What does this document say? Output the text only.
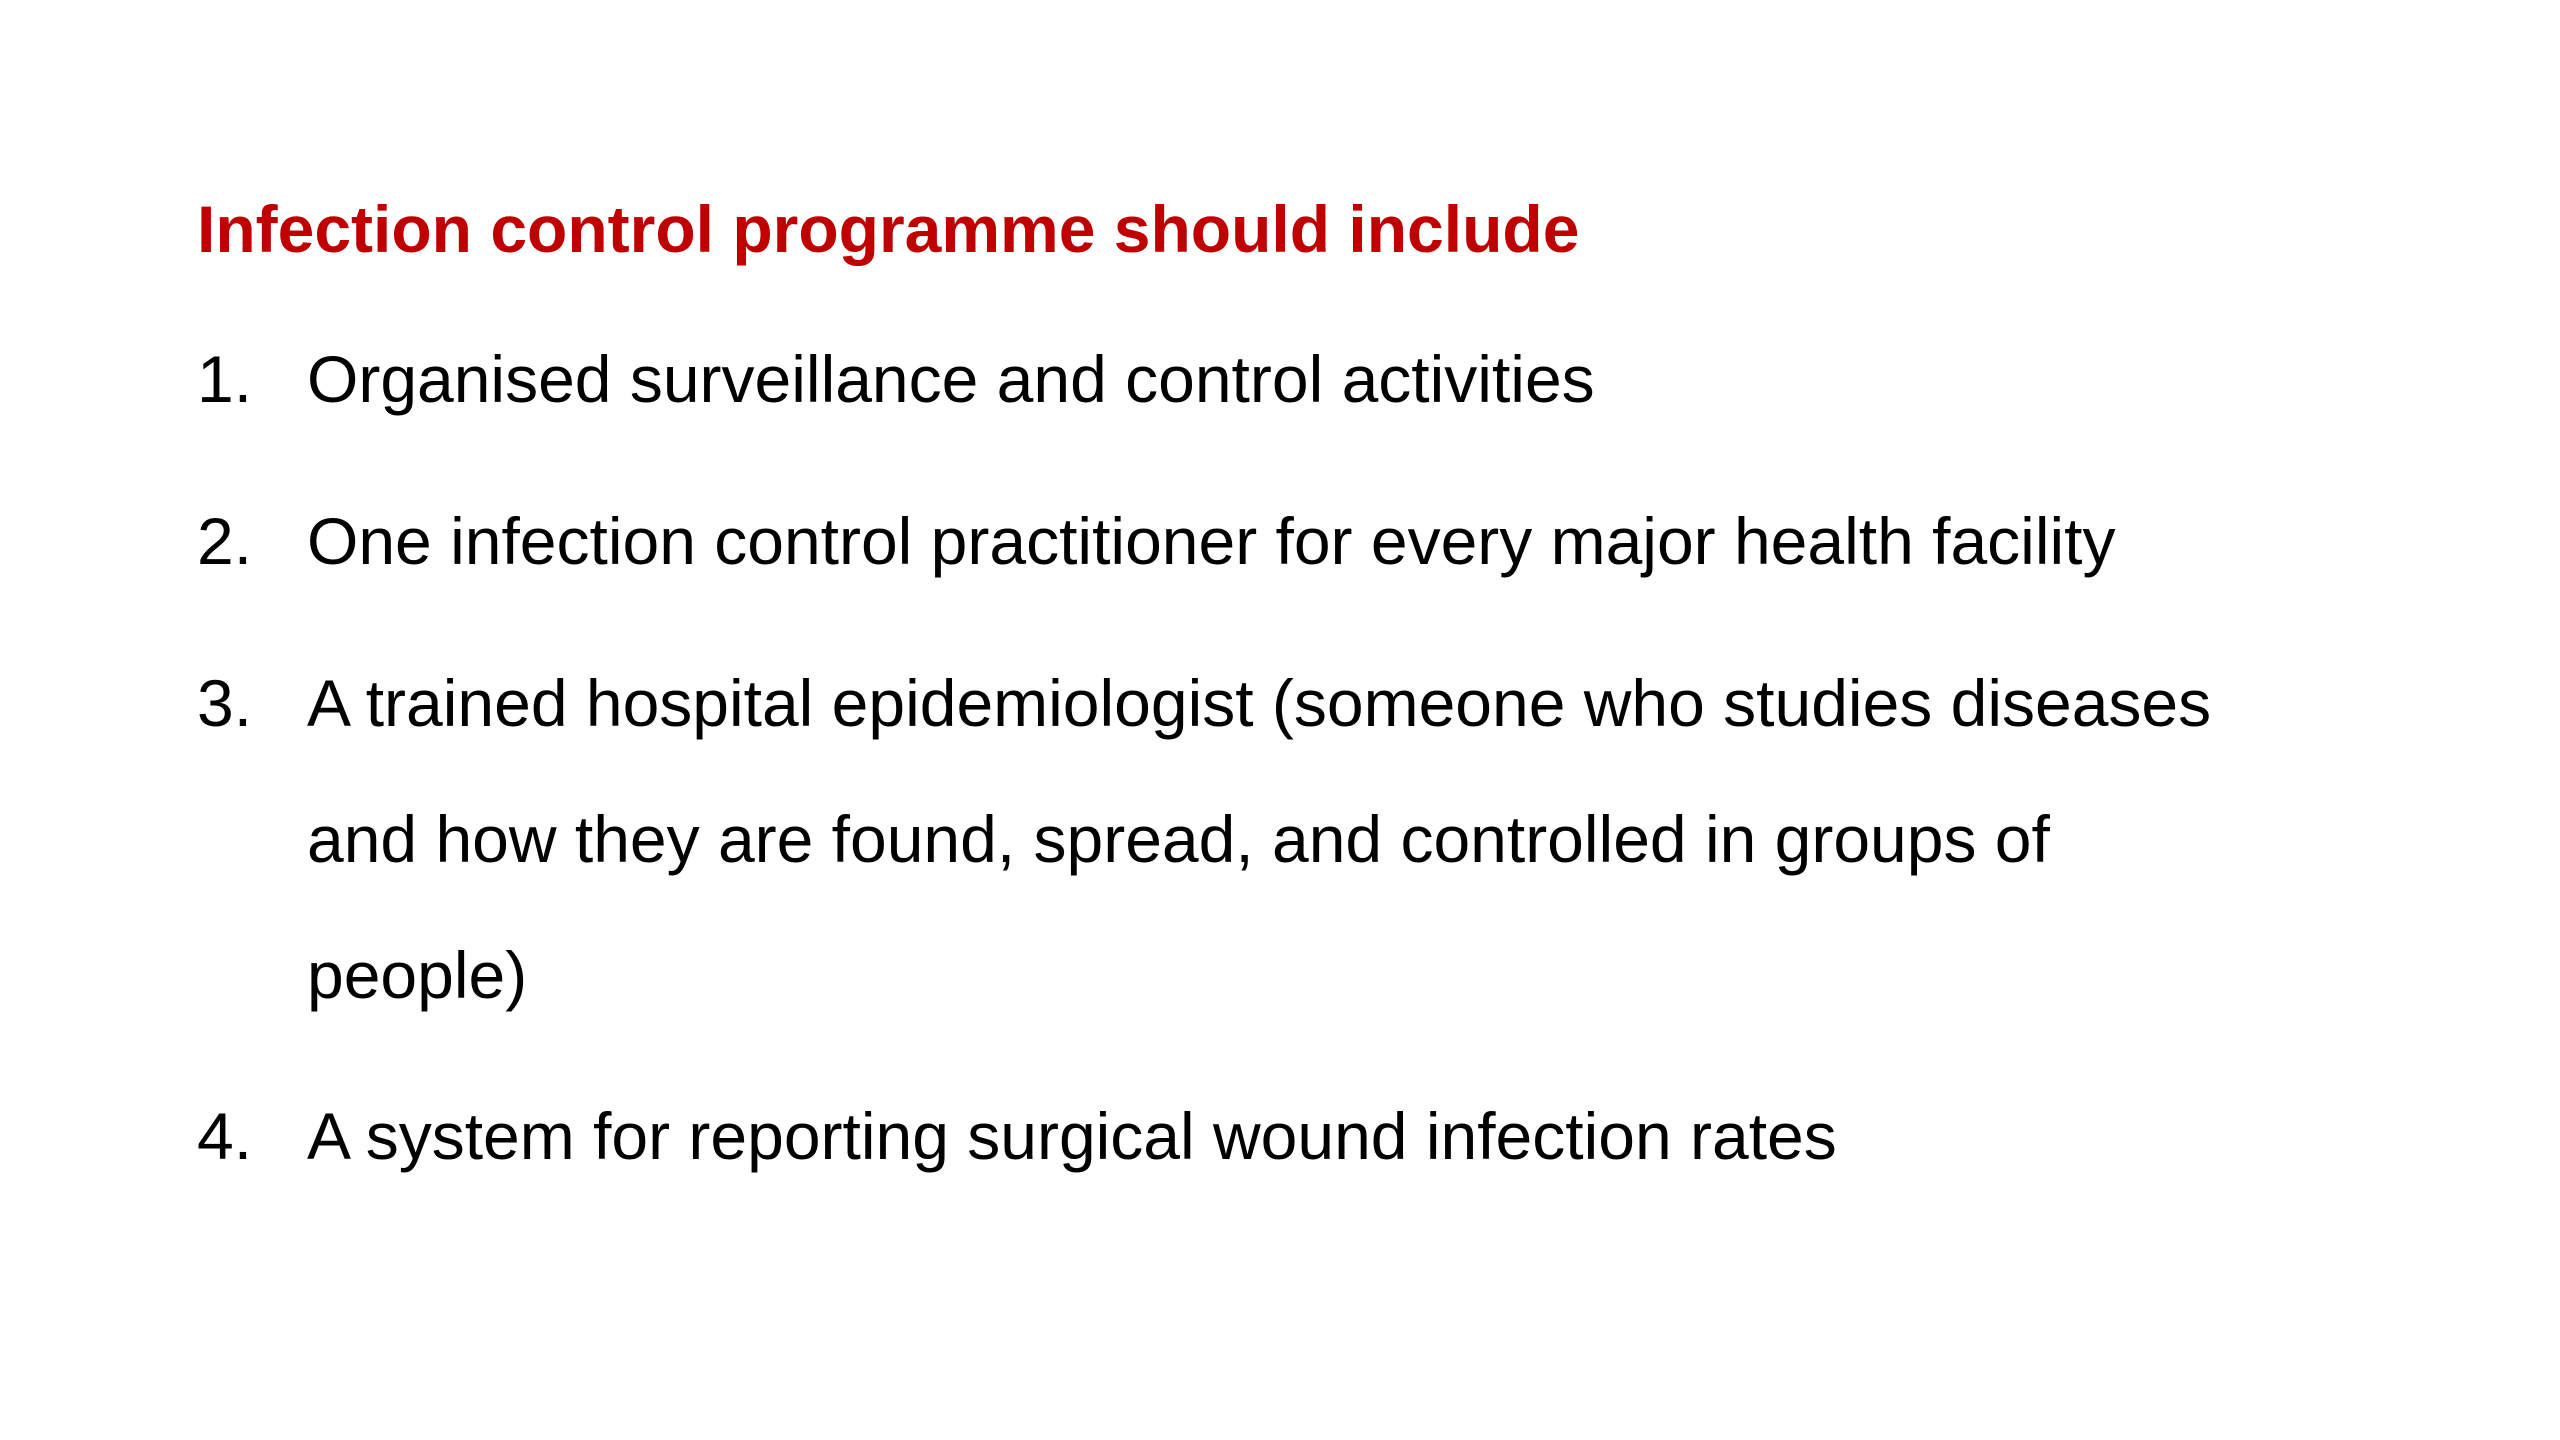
Infection control programme should include
1. Organised surveillance and control activities
2. One infection control practitioner for every major health facility
3. A trained hospital epidemiologist (someone who studies diseases
and how they are found, spread, and controlled in groups of
people)
4. A system for reporting surgical wound infection rates
